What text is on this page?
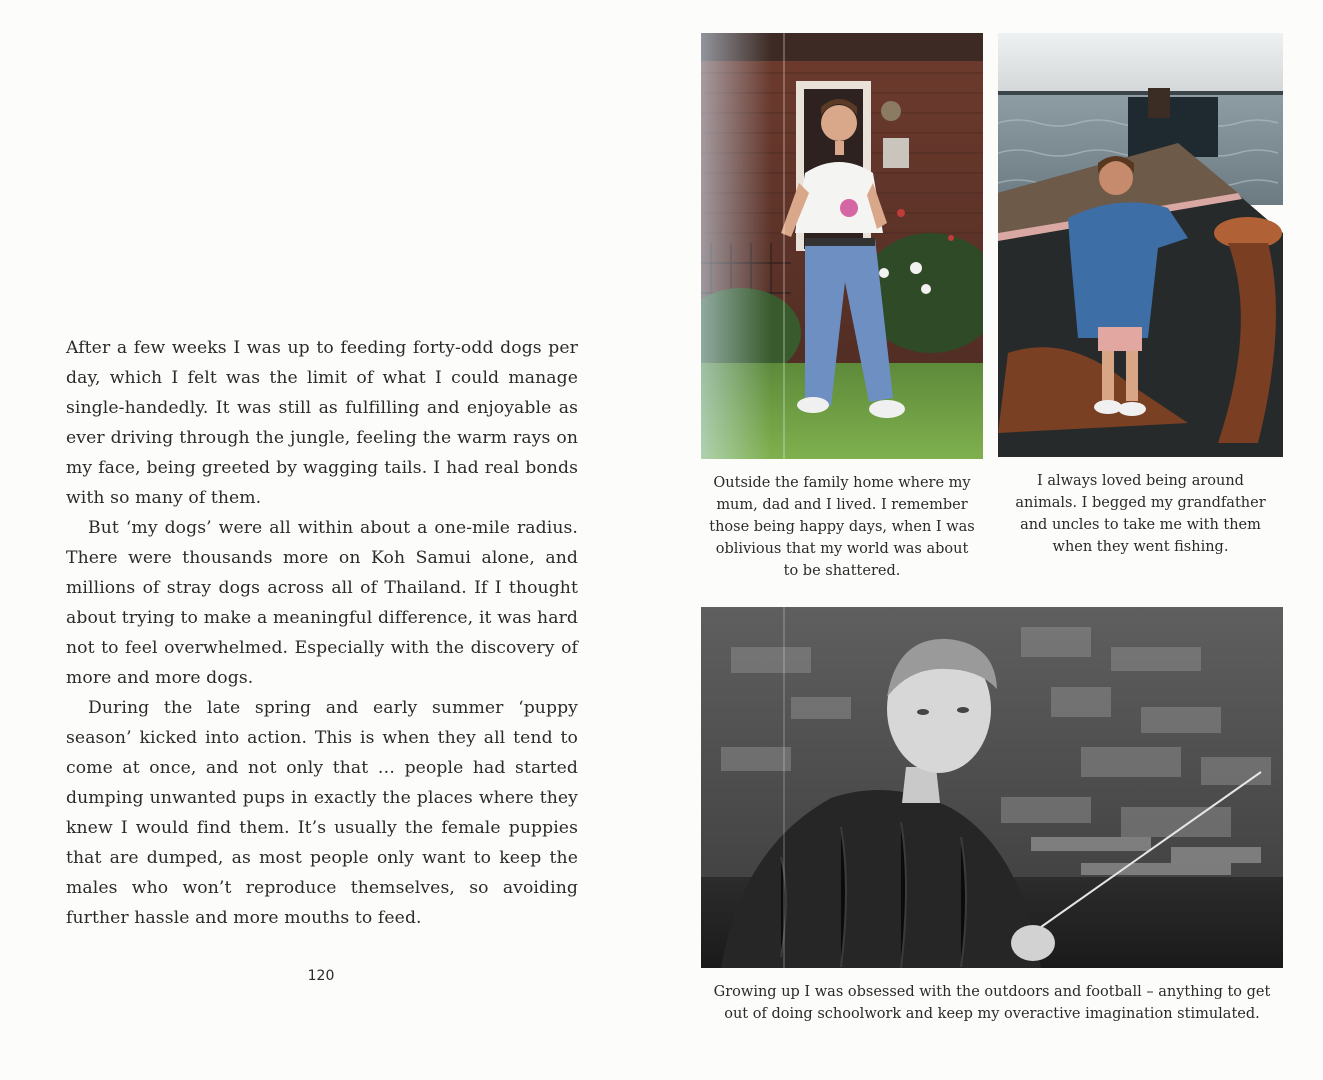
After a few weeks I was up to feeding forty-odd dogs per day, which I felt was the limit of what I could manage single-handedly. It was still as fulfilling and enjoyable as ever driving through the jungle, feeling the warm rays on my face, being greeted by wagging tails. I had real bonds with so many of them.

But ‘my dogs’ were all within about a one-mile radius. There were thousands more on Koh Samui alone, and millions of stray dogs across all of Thailand. If I thought about trying to make a meaningful difference, it was hard not to feel overwhelmed. Especially with the discovery of more and more dogs.

During the late spring and early summer ‘puppy season’ kicked into action. This is when they all tend to come at once, and not only that … people had started dumping unwanted pups in exactly the places where they knew I would find them. It’s usually the female puppies that are dumped, as most people only want to keep the males who won’t reproduce themselves, so avoiding further hassle and more mouths to feed.

120
Outside the family home where my
mum, dad and I lived. I remember
those being happy days, when I was
oblivious that my world was about
to be shattered.
I always loved being around
animals. I begged my grandfather
and uncles to take me with them
when they went fishing.
Growing up I was obsessed with the outdoors and football – anything to get
out of doing schoolwork and keep my overactive imagination stimulated.
